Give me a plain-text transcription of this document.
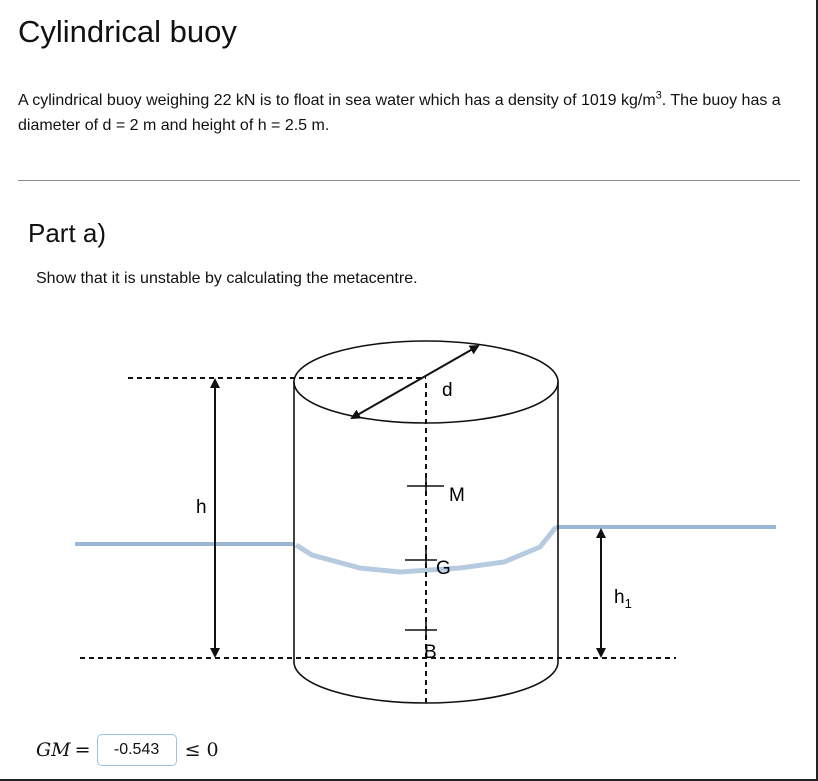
Cylindrical buoy

A cylindrical buoy weighing 22 kN is to float in sea water which has a density of 1019 $kg/m^3$. The buoy has a diameter of d = 2 m and height of h = 2.5 m.

Part a)

Show that it is unstable by calculating the metacentre.

d
h
$h_1$
M
G
B
GM =	-0.543	≤ 0
